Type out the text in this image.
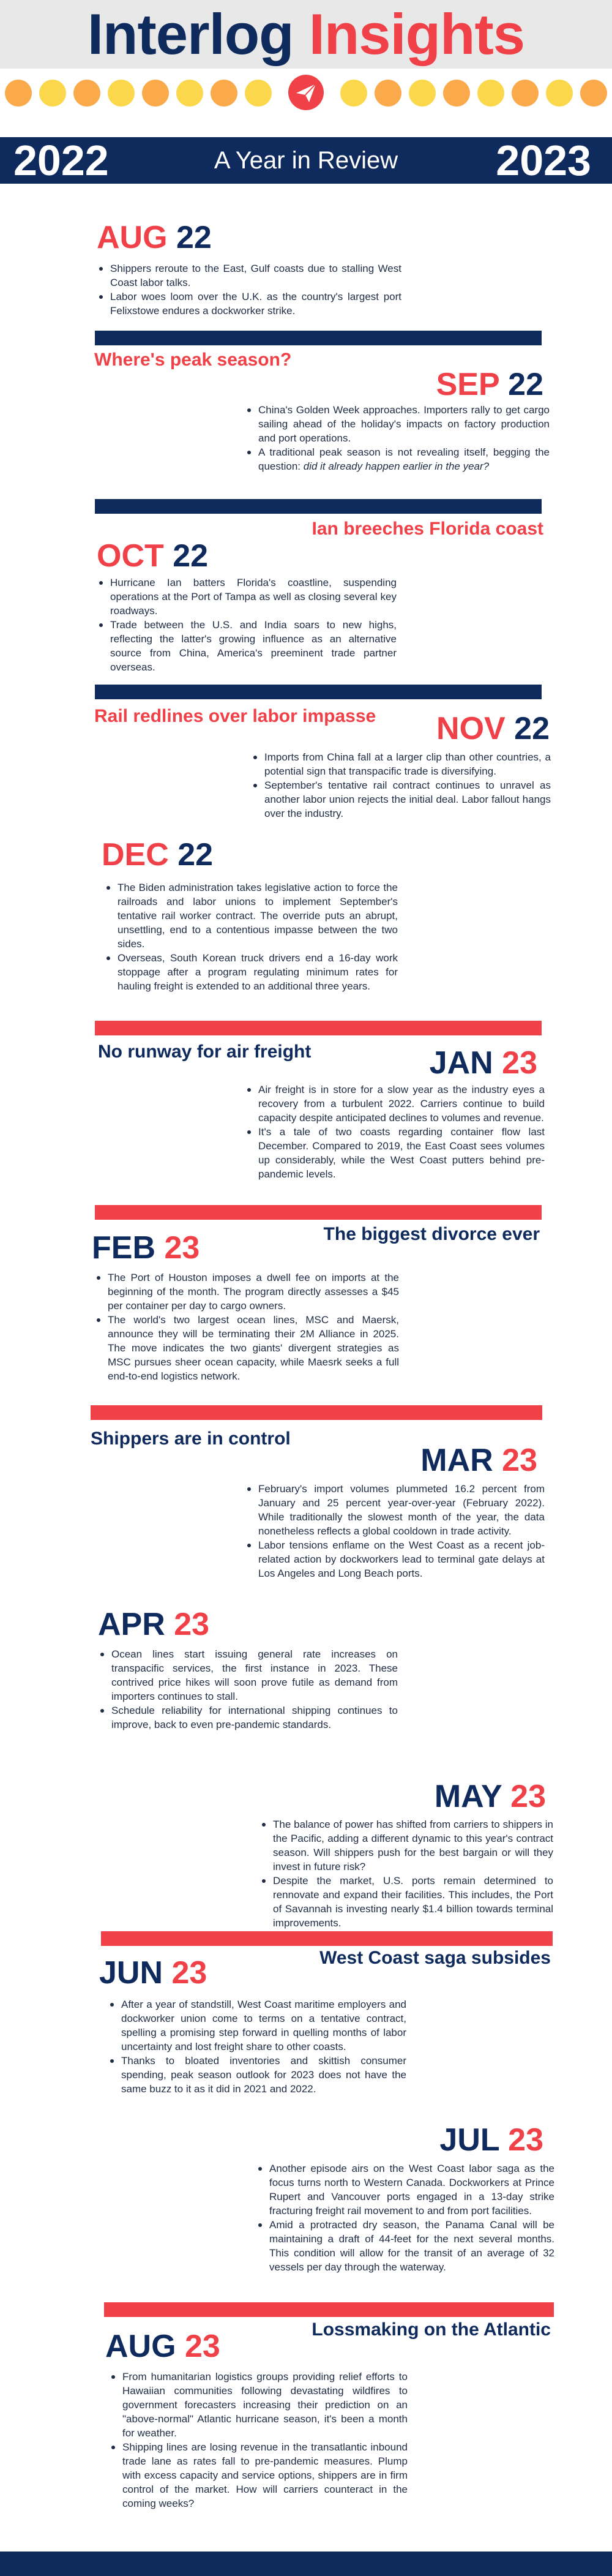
Interlog Insights
A Year in Review
2022	2023
AUG 22
Shippers reroute to the East, Gulf coasts due to stalling West Coast labor talks.
Labor woes loom over the U.K. as the country's largest port Felixstowe endures a dockworker strike.
Where's peak season?
SEP 22
China's Golden Week approaches. Importers rally to get cargo sailing ahead of the holiday's impacts on factory production and port operations.
A traditional peak season is not revealing itself, begging the question: did it already happen earlier in the year?
Ian breeches Florida coast
OCT 22
Hurricane Ian batters Florida's coastline, suspending operations at the Port of Tampa as well as closing several key roadways.
Trade between the U.S. and India soars to new highs, reflecting the latter's growing influence as an alternative source from China, America's preeminent trade partner overseas.
Rail redlines over labor impasse NOV 22
Imports from China fall at a larger clip than other countries, a potential sign that transpacific trade is diversifying.
September's tentative rail contract continues to unravel as another labor union rejects the initial deal. Labor fallout hangs over the industry.
DEC 22
The Biden administration takes legislative action to force the railroads and labor unions to implement September's tentative rail worker contract. The override puts an abrupt, unsettling, end to a contentious impasse between the two sides.
Overseas, South Korean truck drivers end a 16-day work stoppage after a program regulating minimum rates for hauling freight is extended to an additional three years.
No runway for air freight	JAN 23
Air freight is in store for a slow year as the industry eyes a recovery from a turbulent 2022. Carriers continue to build capacity despite anticipated declines to volumes and revenue.
It's a tale of two coasts regarding container flow last December. Compared to 2019, the East Coast sees volumes up considerably, while the West Coast putters behind pre-pandemic levels.
The biggest divorce ever
FEB 23
The Port of Houston imposes a dwell fee on imports at the beginning of the month. The program directly assesses a $45 per container per day to cargo owners.
The world's two largest ocean lines, MSC and Maersk, announce they will be terminating their 2M Alliance in 2025. The move indicates the two giants' divergent strategies as MSC pursues sheer ocean capacity, while Maesrk seeks a full end-to-end logistics network.
Shippers are in control
MAR 23
February's import volumes plummeted 16.2 percent from January and 25 percent year-over-year (February 2022). While traditionally the slowest month of the year, the data nonetheless reflects a global cooldown in trade activity.
Labor tensions enflame on the West Coast as a recent job-related action by dockworkers lead to terminal gate delays at Los Angeles and Long Beach ports.
APR 23
Ocean lines start issuing general rate increases on transpacific services, the first instance in 2023. These contrived price hikes will soon prove futile as demand from importers continues to stall.
Schedule reliability for international shipping continues to improve, back to even pre-pandemic standards.
MAY 23
The balance of power has shifted from carriers to shippers in the Pacific, adding a different dynamic to this year's contract season. Will shippers push for the best bargain or will they invest in future risk?
Despite the market, U.S. ports remain determined to rennovate and expand their facilities. This includes, the Port of Savannah is investing nearly $1.4 billion towards terminal improvements.
West Coast saga subsides
JUN 23
After a year of standstill, West Coast maritime employers and dockworker union come to terms on a tentative contract, spelling a promising step forward in quelling months of labor uncertainty and lost freight share to other coasts.
Thanks to bloated inventories and skittish consumer spending, peak season outlook for 2023 does not have the same buzz to it as it did in 2021 and 2022.
JUL 23
Another episode airs on the West Coast labor saga as the focus turns north to Western Canada. Dockworkers at Prince Rupert and Vancouver ports engaged in a 13-day strike fracturing freight rail movement to and from port facilities.
Amid a protracted dry season, the Panama Canal will be maintaining a draft of 44-feet for the next several months. This condition will allow for the transit of an average of 32 vessels per day through the waterway.
Lossmaking on the Atlantic
AUG 23
From humanitarian logistics groups providing relief efforts to Hawaiian communities following devastating wildfires to government forecasters increasing their prediction on an "above-normal" Atlantic hurricane season, it's been a month for weather.
Shipping lines are losing revenue in the transatlantic inbound trade lane as rates fall to pre-pandemic measures. Plump with excess capacity and service options, shippers are in firm control of the market. How will carriers counteract in the coming weeks?
